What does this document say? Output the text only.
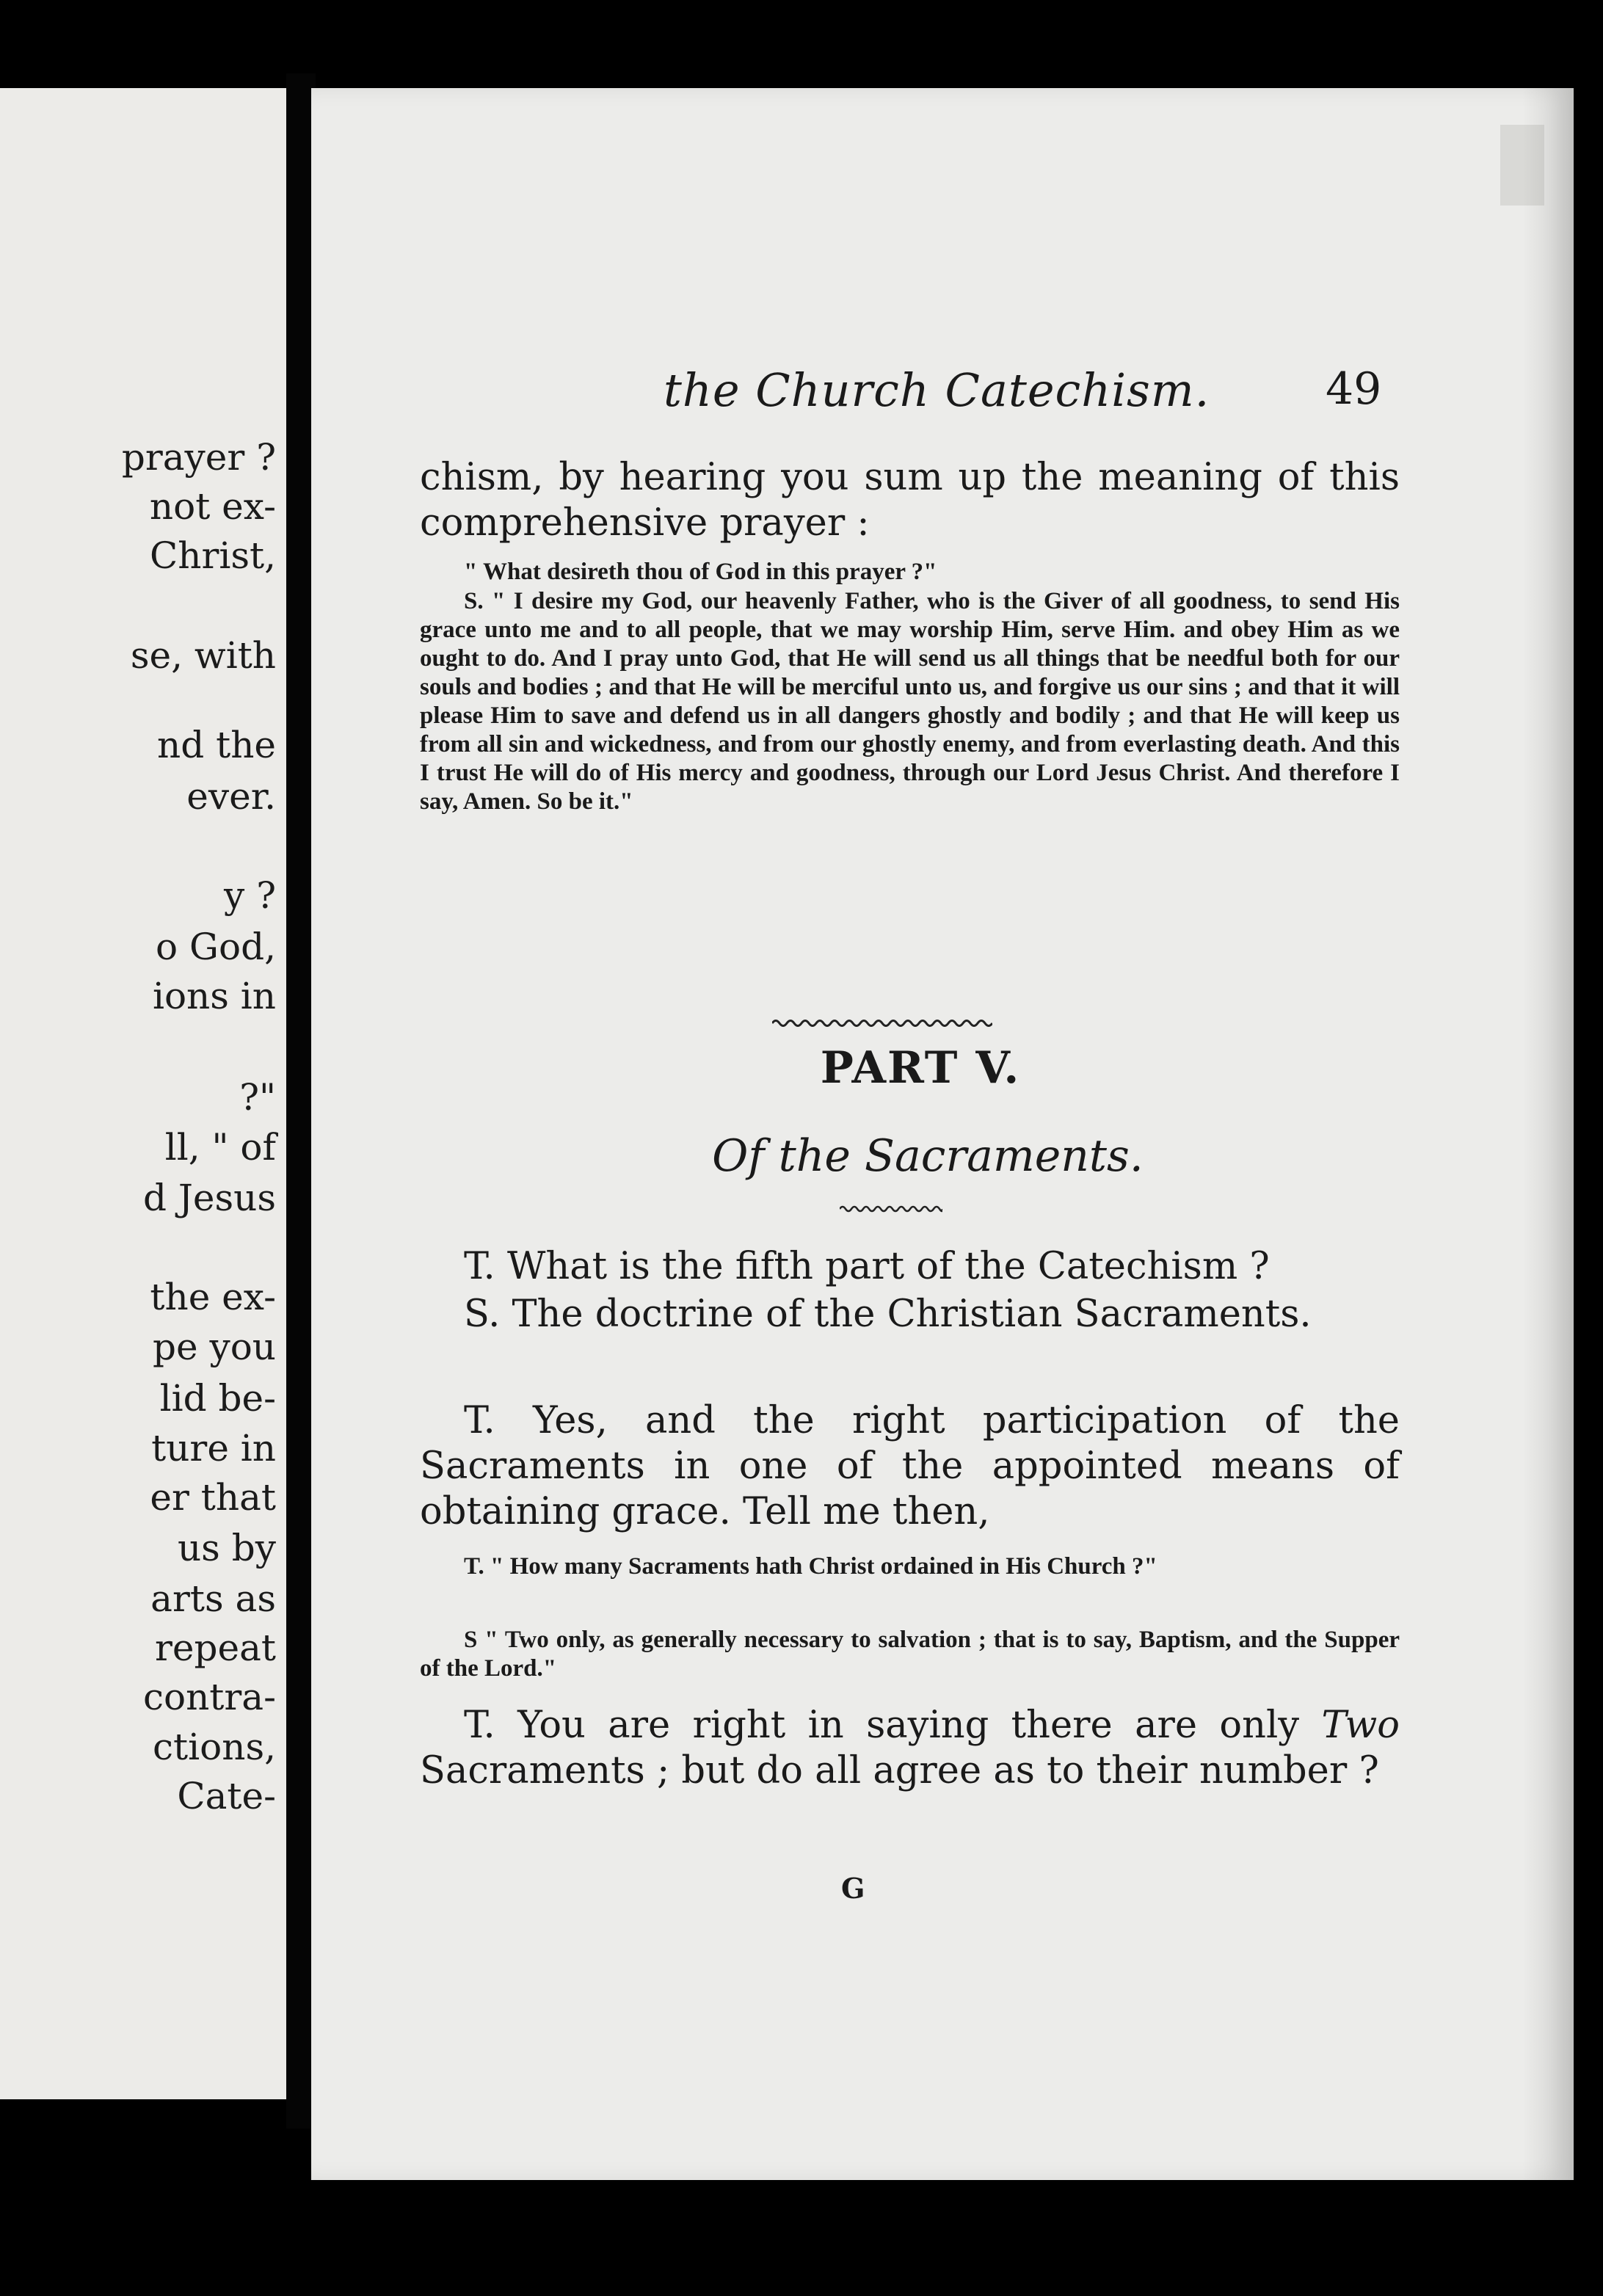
prayer ?
not ex-
Christ,
se, with
nd the
ever.
y ?
o God,
ions in
?"
ll, " of
d Jesus
the ex-
pe you
lid be-
ture in
er that
us by
arts as
repeat
contra-
ctions,
Cate-
the Church Catechism.	49
chism, by hearing you sum up the meaning of this comprehensive prayer :
" What desireth thou of God in this prayer ?"
S. " I desire my God, our heavenly Father, who is the Giver of all goodness, to send His grace unto me and to all people, that we may worship Him, serve Him. and obey Him as we ought to do. And I pray unto God, that He will send us all things that be needful both for our souls and bodies ; and that He will be merciful unto us, and forgive us our sins ; and that it will please Him to save and defend us in all dangers ghostly and bodily ; and that He will keep us from all sin and wickedness, and from our ghostly enemy, and from everlasting death. And this I trust He will do of His mercy and goodness, through our Lord Jesus Christ. And therefore I say, Amen. So be it."
PART V.
Of the Sacraments.
T. What is the fifth part of the Catechism ?
S. The doctrine of the Christian Sacraments.
T. Yes, and the right participation of the Sacraments in one of the appointed means of obtaining grace. Tell me then,
T. " How many Sacraments hath Christ ordained in His Church ?"
S " Two only, as generally necessary to salvation ; that is to say, Baptism, and the Supper of the Lord."
T. You are right in saying there are only Two Sacraments ; but do all agree as to their number ?
G
